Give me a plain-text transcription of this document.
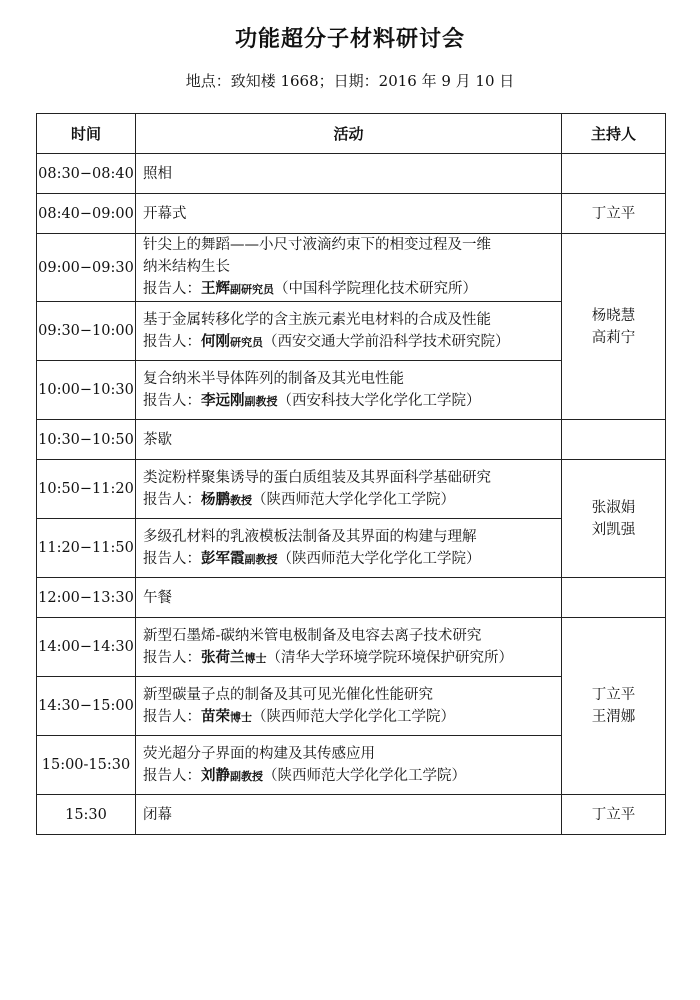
功能超分子材料研讨会
地点：致知楼 1668；日期：2016 年 9 月 10 日
时间	活动	主持人
08:30−08:40	照相	

08:40−09:00	开幕式	丁立平

09:00−09:30	针尖上的舞蹈——小尺寸液滴约束下的相变过程及一维
纳米结构生长
报告人：王辉副研究员（中国科学院理化技术研究所）	杨晓慧
高莉宁

09:30−10:00	基于金属转移化学的含主族元素光电材料的合成及性能
报告人：何刚研究员（西安交通大学前沿科学技术研究院）	

10:00−10:30	复合纳米半导体阵列的制备及其光电性能
报告人：李远刚副教授（西安科技大学化学化工学院）	

10:30−10:50	茶歇	

10:50−11:20	类淀粉样聚集诱导的蛋白质组装及其界面科学基础研究
报告人：杨鹏教授（陕西师范大学化学化工学院）	张淑娟
刘凯强

11:20−11:50	多级孔材料的乳液模板法制备及其界面的构建与理解
报告人：彭军霞副教授（陕西师范大学化学化工学院）	

12:00−13:30	午餐	

14:00−14:30	新型石墨烯-碳纳米管电极制备及电容去离子技术研究
报告人：张荷兰博士（清华大学环境学院环境保护研究所）	丁立平
王渭娜

14:30−15:00	新型碳量子点的制备及其可见光催化性能研究
报告人：苗荣博士（陕西师范大学化学化工学院）	

15:00-15:30	荧光超分子界面的构建及其传感应用
报告人：刘静副教授（陕西师范大学化学化工学院）	

15:30	闭幕	丁立平
